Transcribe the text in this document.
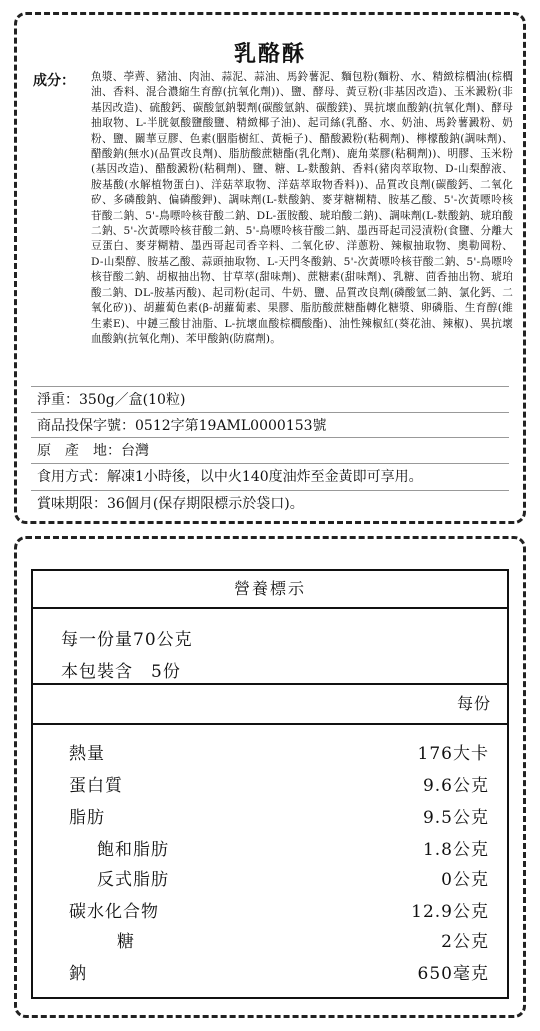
乳酪酥
成分： 魚漿、荸薺、豬油、肉油、蒜泥、蒜油、馬鈴薯泥、麵包粉(麵粉、水、精緻棕櫚油(棕櫚油、香料、混合濃縮生育醇(抗氧化劑))、鹽、酵母、黃豆粉(非基因改造)、玉米澱粉(非基因改造)、硫酸鈣、碳酸氫鈉製劑(碳酸氫鈉、碳酸鎂)、異抗壞血酸鈉(抗氧化劑)、酵母抽取物、L-半胱氨酸鹽酸鹽、精緻椰子油)、起司絲(乳酪、水、奶油、馬鈴薯澱粉、奶粉、鹽、關華豆膠、色素(胭脂樹紅、黃梔子)、醋酸澱粉(粘稠劑)、檸檬酸鈉(調味劑)、醋酸鈉(無水)(品質改良劑)、脂肪酸蔗糖酯(乳化劑)、鹿角菜膠(粘稠劑))、明膠、玉米粉(基因改造)、醋酸澱粉(粘稠劑)、鹽、糖、L-麩酸鈉、香料(豬肉萃取物、D-山梨醇液、胺基酸(水解植物蛋白)、洋菇萃取物、洋菇萃取物香料))、品質改良劑(碳酸鈣、二氧化矽、多磷酸鈉、偏磷酸鉀)、調味劑(L-麩酸鈉、麥芽糖糊精、胺基乙酸、5'-次黃嘌呤核苷酸二鈉、5'-鳥嘌呤核苷酸二鈉、DL-蛋胺酸、琥珀酸二鈉)、調味劑(L-麩酸鈉、琥珀酸二鈉、5'-次黃嘌呤核苷酸二鈉、5'-鳥嘌呤核苷酸二鈉、墨西哥起司浸漬粉(食鹽、分離大豆蛋白、麥芽糊精、墨西哥起司香辛料、二氧化矽、洋蔥粉、辣椒抽取物、奧勒岡粉、D-山梨醇、胺基乙酸、蒜頭抽取物、L-天門冬酸鈉、5'-次黃嘌呤核苷酸二鈉、5'-鳥嘌呤核苷酸二鈉、胡椒抽出物、甘草萃(甜味劑)、蔗糖素(甜味劑)、乳糖、茴香抽出物、琥珀酸二鈉、DL-胺基丙酸)、起司粉(起司、牛奶、鹽、品質改良劑(磷酸氫二鈉、氯化鈣、二氧化矽))、胡蘿蔔色素(β-胡蘿蔔素、果膠、脂肪酸蔗糖酯轉化糖漿、卵磷脂、生育醇(維生素E)、中鏈三酸甘油脂、L-抗壞血酸棕櫚酸酯)、油性辣椒紅(葵花油、辣椒)、異抗壞血酸鈉(抗氧化劑)、苯甲酸鈉(防腐劑)。
淨重：350g／盒(10粒)
商品投保字號：0512字第19AML0000153號
原　產　地：台灣
食用方式：解凍1小時後，以中火140度油炸至金黃即可享用。
賞味期限：36個月(保存期限標示於袋口)。
營養標示
每一份量70公克
本包裝含　5份
每份
熱量	176大卡
蛋白質	9.6公克
脂肪	9.5公克
飽和脂肪	1.8公克
反式脂肪	0公克
碳水化合物	12.9公克
糖	2公克
鈉	650毫克
